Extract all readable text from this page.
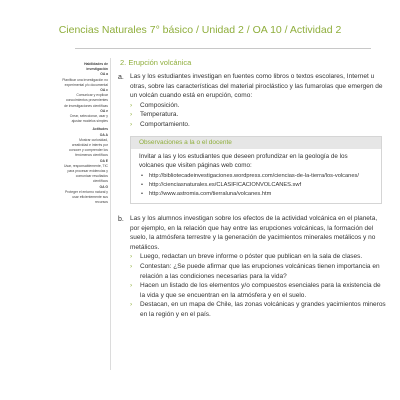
Ciencias Naturales 7° básico / Unidad 2 / OA 10 / Actividad 2
Habilidades de investigación
OA a
Planificar una investigación no experimental y/o documental
OA c
Comunicar y explicar conocimientos provenientes de investigaciones científicas
OA e
Crear, seleccionar, usar y ajustar modelos simples
Actitudes
OA A
Mostrar curiosidad, creatividad e interés por conocer y comprender los fenómenos científicos
OA E
Usar, responsablemente, TIC para procesar evidencias y comunicar resultados científicos
OA G
Proteger el entorno natural y usar eficientemente sus recursos
2. Erupción volcánica
a. Las y los estudiantes investigan en fuentes como libros o textos escolares, Internet u otras, sobre las características del material piroclástico y las fumarolas que emergen de un volcán cuando está en erupción, como:
› Composición.
› Temperatura.
› Comportamiento.
Observaciones a la o el docente
Invitar a las y los estudiantes que deseen profundizar en la geología de los volcanes que visiten páginas web como:
• http://bibliotecadeinvestigaciones.wordpress.com/ciencias-de-la-tierra/los-volcanes/
• http://cienciasnaturales.es/CLASIFICACIONVOLCANES.swf
• http://www.astromia.com/tierraluna/volcanes.htm
b. Las y los alumnos investigan sobre los efectos de la actividad volcánica en el planeta, por ejemplo, en la relación que hay entre las erupciones volcánicas, la formación del suelo, la atmósfera terrestre y la generación de yacimientos minerales metálicos y no metálicos.
› Luego, redactan un breve informe o póster que publican en la sala de clases.
› Contestan: ¿Se puede afirmar que las erupciones volcánicas tienen importancia en relación a las condiciones necesarias para la vida?
› Hacen un listado de los elementos y/o compuestos esenciales para la existencia de la vida y que se encuentran en la atmósfera y en el suelo.
› Destacan, en un mapa de Chile, las zonas volcánicas y grandes yacimientos mineros en la región y en el país.
